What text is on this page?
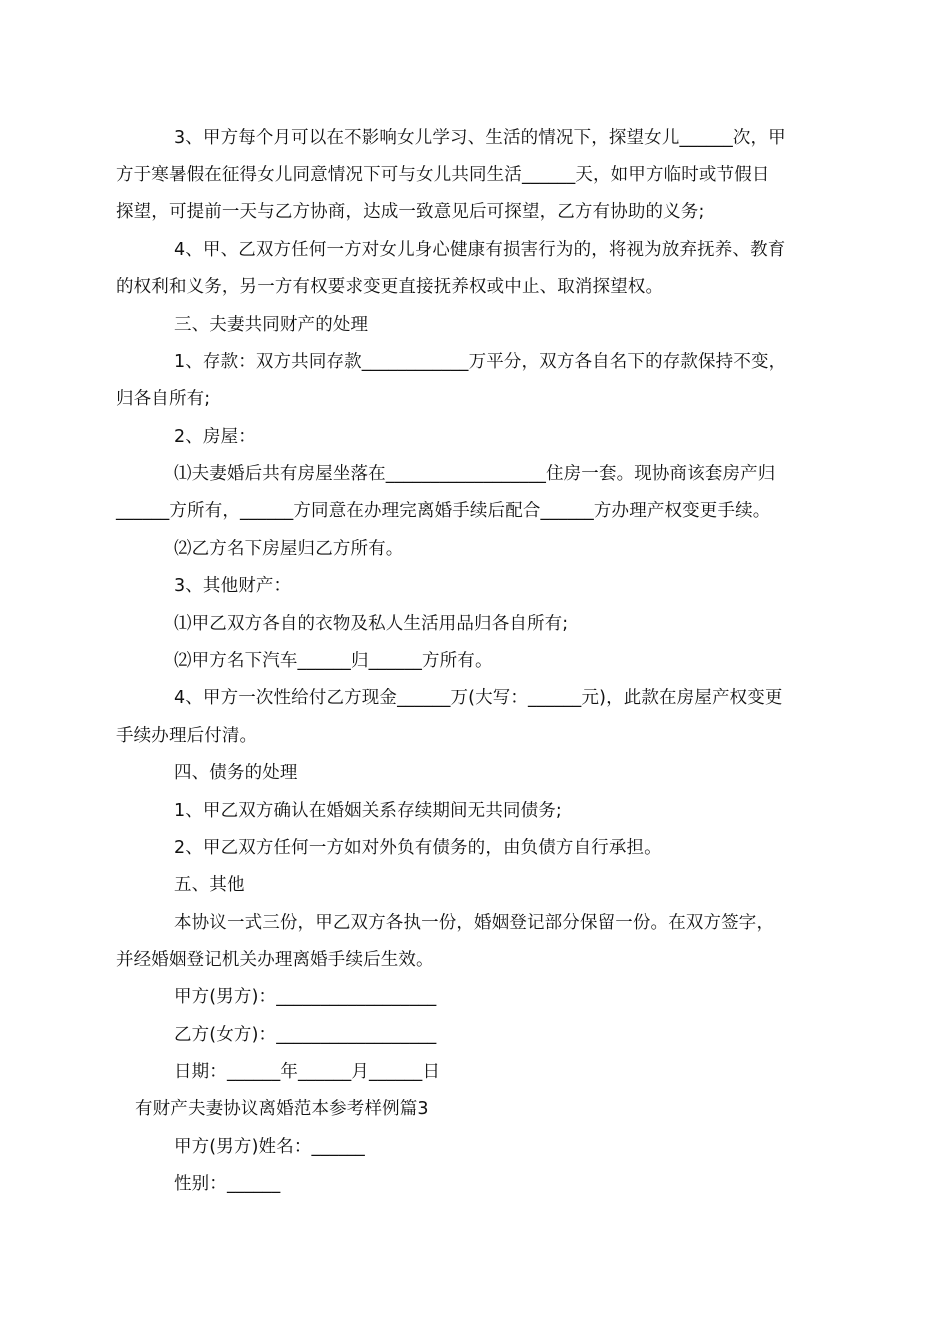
3、甲方每个月可以在不影响女儿学习、生活的情况下，探望女儿______次，甲
方于寒暑假在征得女儿同意情况下可与女儿共同生活______天，如甲方临时或节假日
探望，可提前一天与乙方协商，达成一致意见后可探望，乙方有协助的义务;
4、甲、乙双方任何一方对女儿身心健康有损害行为的，将视为放弃抚养、教育
的权利和义务，另一方有权要求变更直接抚养权或中止、取消探望权。
三、夫妻共同财产的处理
1、存款：双方共同存款____________万平分，双方各自名下的存款保持不变，
归各自所有;
2、房屋：
⑴夫妻婚后共有房屋坐落在__________________住房一套。现协商该套房产归
______方所有，______方同意在办理完离婚手续后配合______方办理产权变更手续。
⑵乙方名下房屋归乙方所有。
3、其他财产：
⑴甲乙双方各自的衣物及私人生活用品归各自所有;
⑵甲方名下汽车______归______方所有。
4、甲方一次性给付乙方现金______万(大写：______元)，此款在房屋产权变更
手续办理后付清。
四、债务的处理
1、甲乙双方确认在婚姻关系存续期间无共同债务;
2、甲乙双方任何一方如对外负有债务的，由负债方自行承担。
五、其他
本协议一式三份，甲乙双方各执一份，婚姻登记部分保留一份。在双方签字，
并经婚姻登记机关办理离婚手续后生效。
甲方(男方)：__________________
乙方(女方)：__________________
日期：______年______月______日
有财产夫妻协议离婚范本参考样例篇3
甲方(男方)姓名：______
性别：______
